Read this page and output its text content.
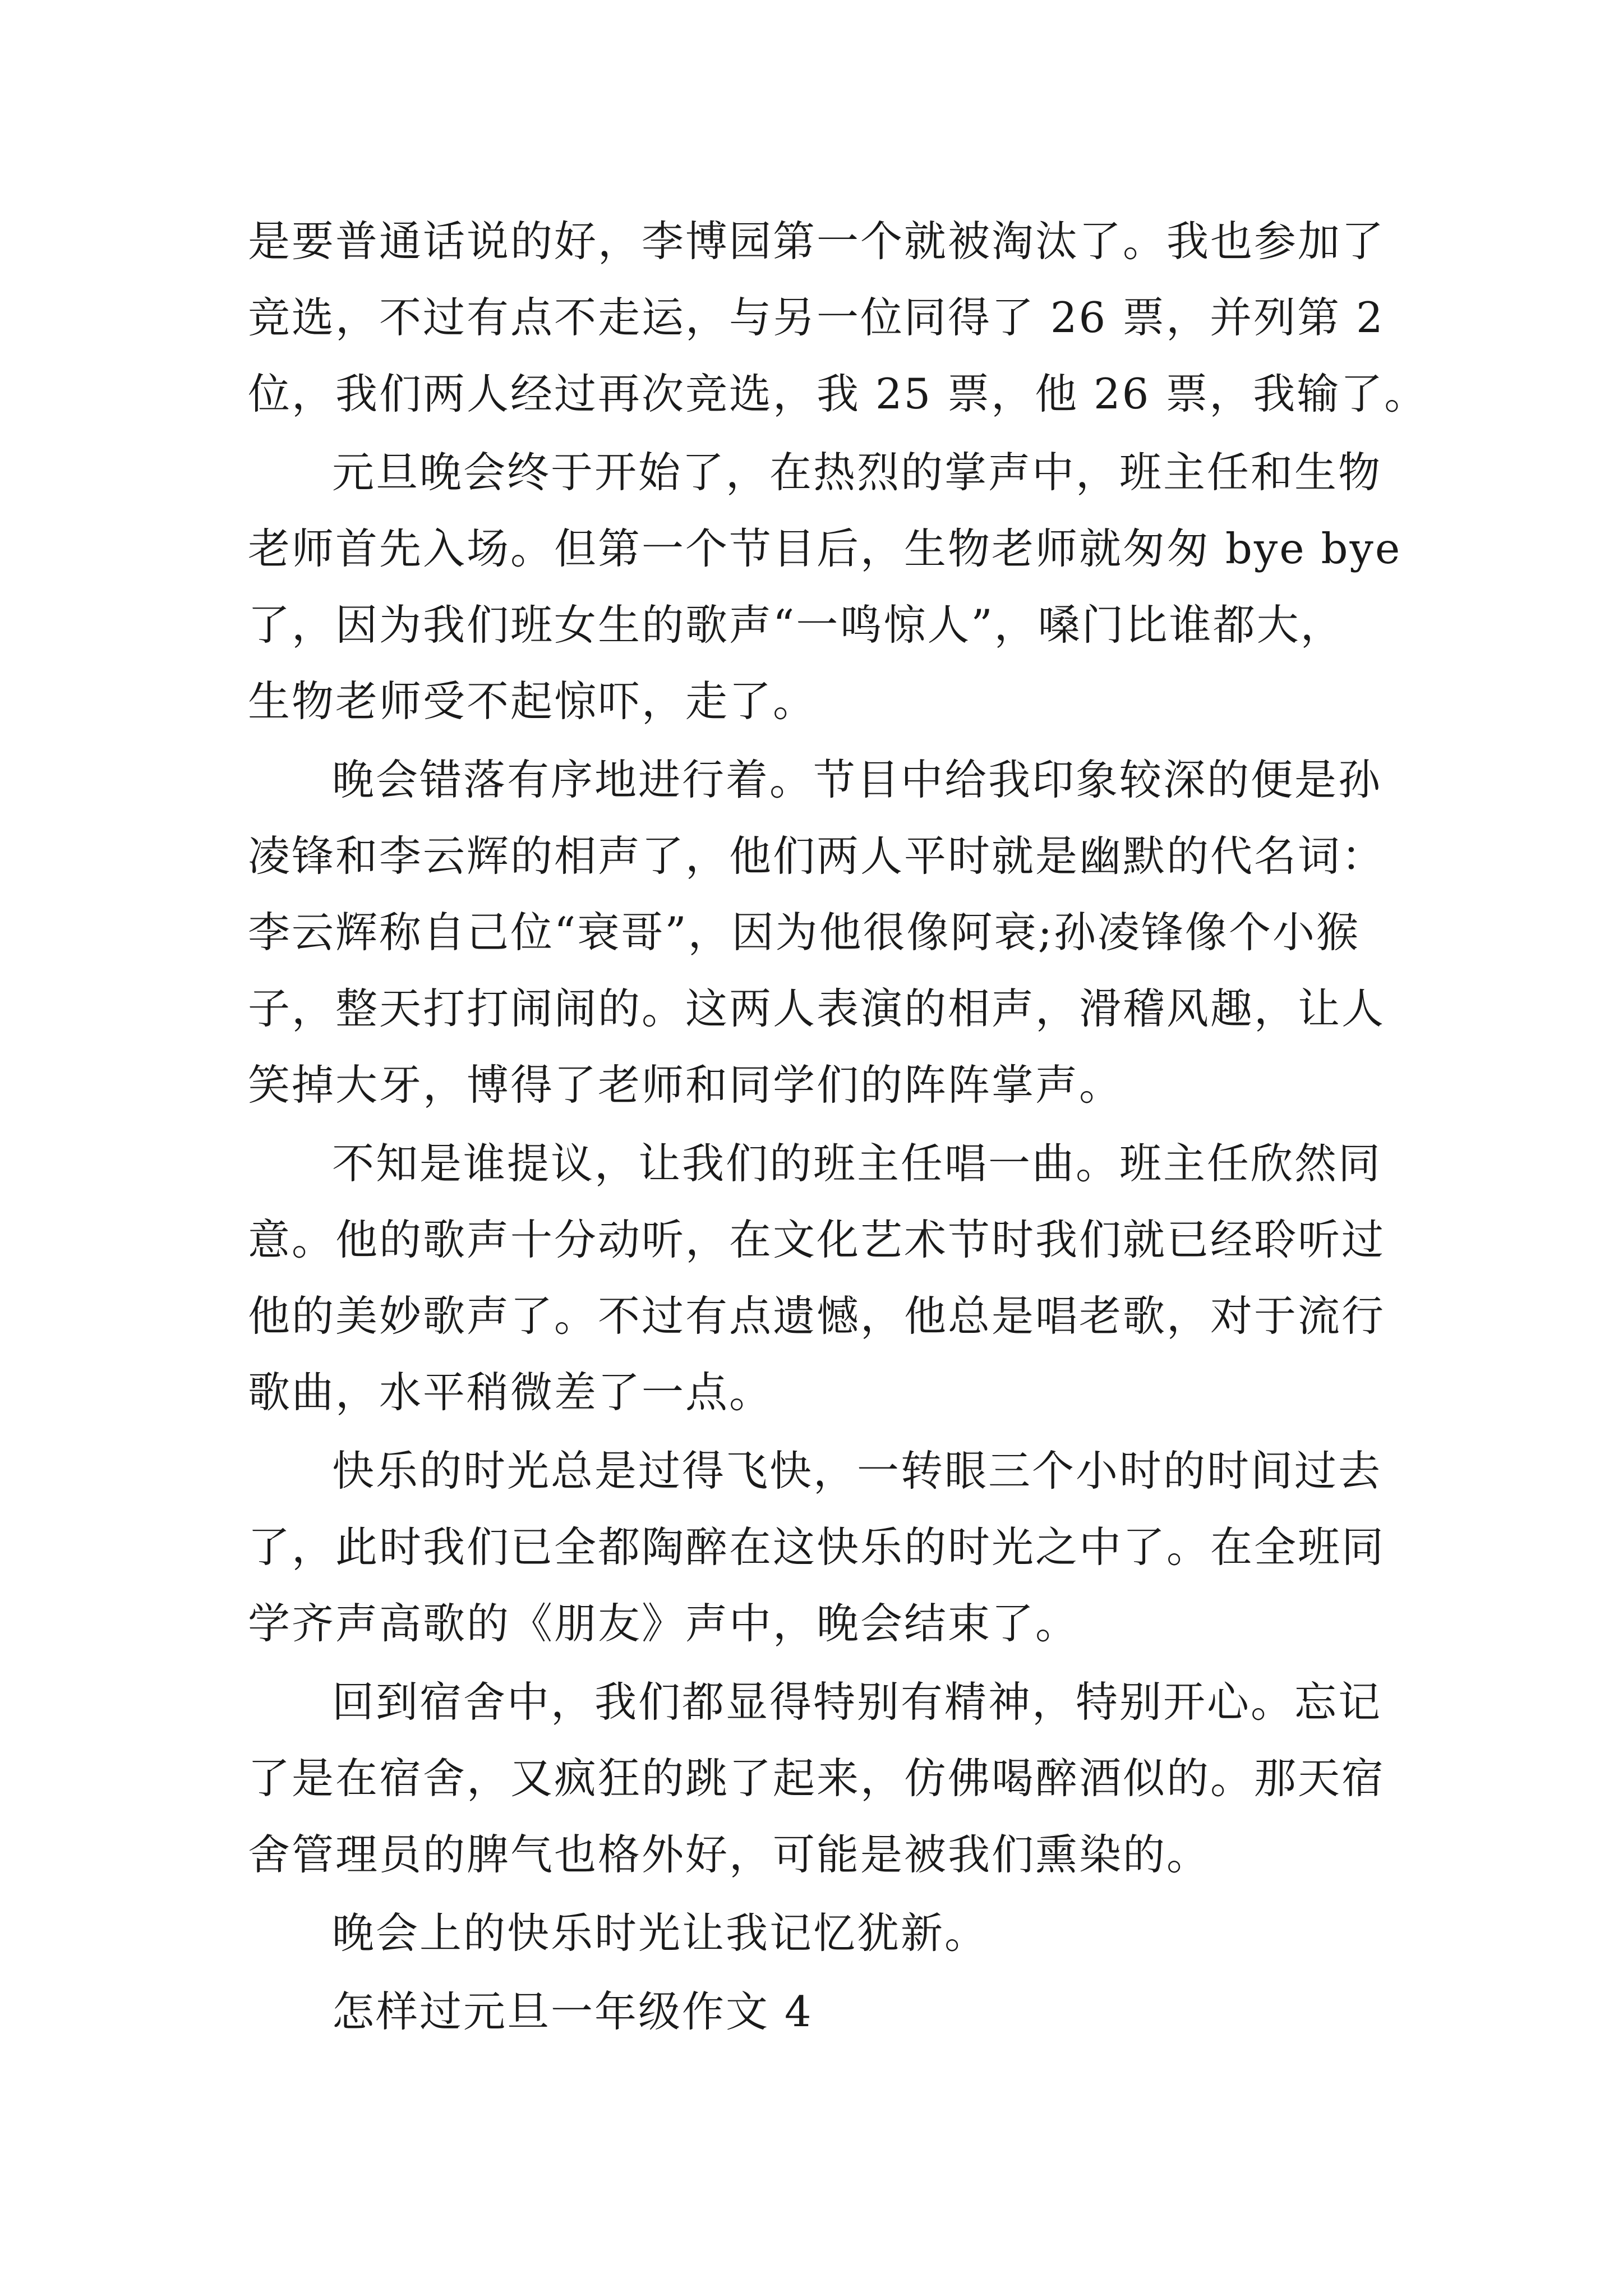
是要普通话说的好，李博园第一个就被淘汰了。我也参加了
竞选，不过有点不走运，与另一位同得了 26 票，并列第 2
位，我们两人经过再次竞选，我 25 票，他 26 票，我输了。
元旦晚会终于开始了，在热烈的掌声中，班主任和生物
老师首先入场。但第一个节目后，生物老师就匆匆 bye bye
了，因为我们班女生的歌声“一鸣惊人”，嗓门比谁都大，
生物老师受不起惊吓，走了。
晚会错落有序地进行着。节目中给我印象较深的便是孙
凌锋和李云辉的相声了，他们两人平时就是幽默的代名词：
李云辉称自己位“衰哥”，因为他很像阿衰;孙凌锋像个小猴
子，整天打打闹闹的。这两人表演的相声，滑稽风趣，让人
笑掉大牙，博得了老师和同学们的阵阵掌声。
不知是谁提议，让我们的班主任唱一曲。班主任欣然同
意。他的歌声十分动听，在文化艺术节时我们就已经聆听过
他的美妙歌声了。不过有点遗憾，他总是唱老歌，对于流行
歌曲，水平稍微差了一点。
快乐的时光总是过得飞快，一转眼三个小时的时间过去
了，此时我们已全都陶醉在这快乐的时光之中了。在全班同
学齐声高歌的《朋友》声中，晚会结束了。
回到宿舍中，我们都显得特别有精神，特别开心。忘记
了是在宿舍，又疯狂的跳了起来，仿佛喝醉酒似的。那天宿
舍管理员的脾气也格外好，可能是被我们熏染的。
晚会上的快乐时光让我记忆犹新。
怎样过元旦一年级作文 4
